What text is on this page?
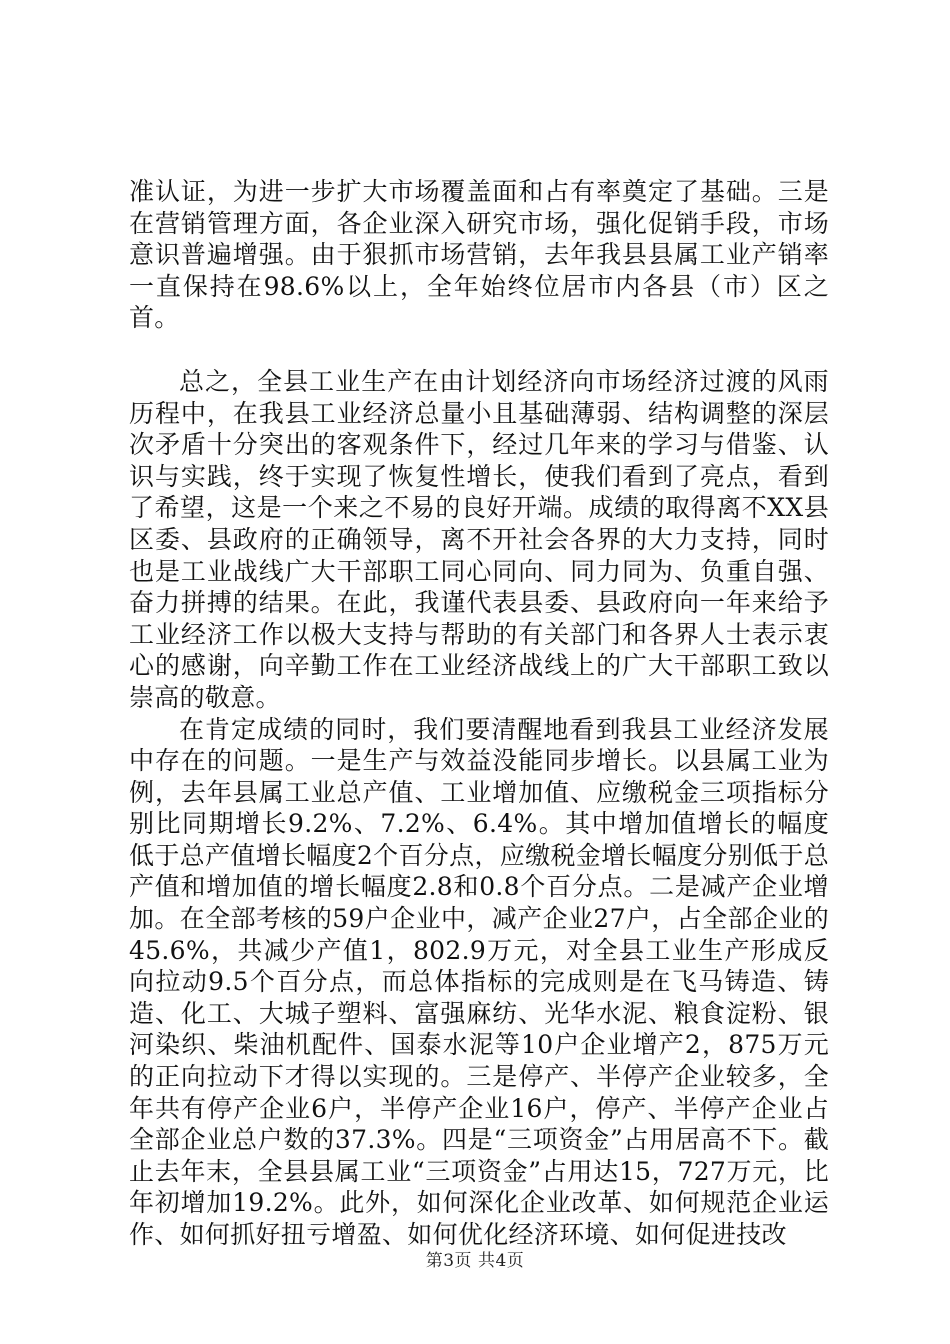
准认证，为进一步扩大市场覆盖面和占有率奠定了基础。三是在营销管理方面，各企业深入研究市场，强化促销手段，市场意识普遍增强。由于狠抓市场营销，去年我县县属工业产销率一直保持在98.6%以上，全年始终位居市内各县（市）区之首。

总之，全县工业生产在由计划经济向市场经济过渡的风雨历程中，在我县工业经济总量小且基础薄弱、结构调整的深层次矛盾十分突出的客观条件下，经过几年来的学习与借鉴、认识与实践，终于实现了恢复性增长，使我们看到了亮点，看到了希望，这是一个来之不易的良好开端。成绩的取得离不XX县区委、县政府的正确领导，离不开社会各界的大力支持，同时也是工业战线广大干部职工同心同向、同力同为、负重自强、奋力拼搏的结果。在此，我谨代表县委、县政府向一年来给予工业经济工作以极大支持与帮助的有关部门和各界人士表示衷心的感谢，向辛勤工作在工业经济战线上的广大干部职工致以崇高的敬意。

在肯定成绩的同时，我们要清醒地看到我县工业经济发展中存在的问题。一是生产与效益没能同步增长。以县属工业为例，去年县属工业总产值、工业增加值、应缴税金三项指标分别比同期增长9.2%、7.2%、6.4%。其中增加值增长的幅度低于总产值增长幅度2个百分点，应缴税金增长幅度分别低于总产值和增加值的增长幅度2.8和0.8个百分点。二是减产企业增加。在全部考核的59户企业中，减产企业27户，占全部企业的45.6%，共减少产值1，802.9万元，对全县工业生产形成反向拉动9.5个百分点，而总体指标的完成则是在飞马铸造、铸造、化工、大城子塑料、富强麻纺、光华水泥、粮食淀粉、银河染织、柴油机配件、国泰水泥等10户企业增产2，875万元的正向拉动下才得以实现的。三是停产、半停产企业较多，全年共有停产企业6户，半停产企业16户，停产、半停产企业占全部企业总户数的37.3%。四是“三项资金”占用居高不下。截止去年末，全县县属工业“三项资金”占用达15，727万元，比年初增加19.2%。此外，如何深化企业改革、如何规范企业运作、如何抓好扭亏增盈、如何优化经济环境、如何促进技改

第3页 共4页
